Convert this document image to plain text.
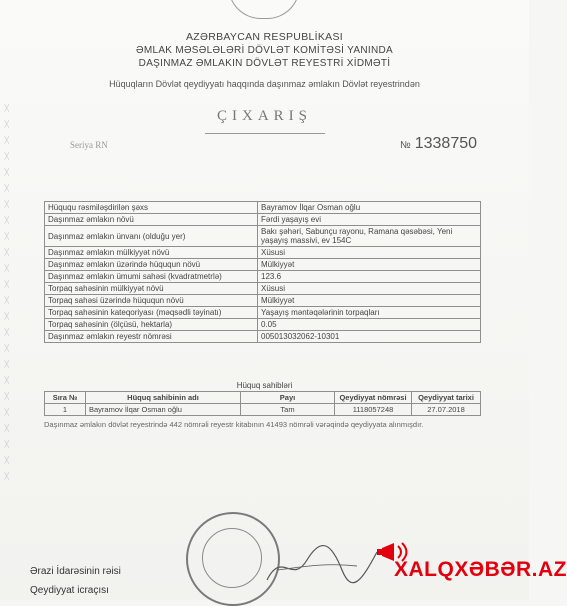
AZƏRBAYCAN RESPUBLİKASI
ƏMLAK MƏSƏLƏLƏRİ DÖVLƏT KOMİTƏSİ YANINDA
DAŞINMAZ ƏMLAKIN DÖVLƏT REYESTRİ XİDMƏTİ
Hüquqların Dövlət qeydiyyatı haqqında daşınmaz əmlakın Dövlət reyestrindən
ÇIXARIŞ
Seriya RN	№ 1338750
ᚷ
ᚷ
ᚷ
ᚷ
ᚷ
ᚷ
ᚷ
ᚷ
ᚷ
ᚷ
ᚷ
ᚷ
ᚷ
ᚷ
ᚷ
ᚷ
ᚷ
ᚷ
ᚷ
ᚷ
ᚷ
ᚷ
ᚷ
ᚷ
Hüququ rəsmiləşdirilən şəxs	Bayramov İlqar Osman oğlu
Daşınmaz əmlakın növü	Fərdi yaşayış evi
Daşınmaz əmlakın ünvanı (olduğu yer)	Bakı şəhəri, Sabunçu rayonu, Ramana qəsəbəsi, Yeni yaşayış massivi, ev 154C
Daşınmaz əmlakın mülkiyyət növü	Xüsusi
Daşınmaz əmlakın üzərində hüququn növü	Mülkiyyət
Daşınmaz əmlakın ümumi sahəsi (kvadratmetrlə)	123.6
Torpaq sahəsinin mülkiyyət növü	Xüsusi
Torpaq sahəsi üzərində hüququn növü	Mülkiyyət
Torpaq sahəsinin kateqoriyası (məqsədli təyinatı)	Yaşayış məntəqələrinin torpaqları
Torpaq sahəsinin (ölçüsü, hektarla)	0.05
Daşınmaz əmlakın reyestr nömrəsi	005013032062-10301
Hüquq sahibləri
Sıra №	Hüquq sahibinin adı	Payı	Qeydiyyat nömrəsi	Qeydiyyat tarixi
1	Bayramov İlqar Osman oğlu	Tam	1118057248	27.07.2018
Daşınmaz əmlakın dövlət reyestrində 442 nömrəli reyestr kitabının 41493 nömrəli vərəqində qeydiyyata alınmışdır.
Ərazi İdarəsinin rəisi
Qeydiyyat icraçısı
XALQXƏBƏR.AZ
